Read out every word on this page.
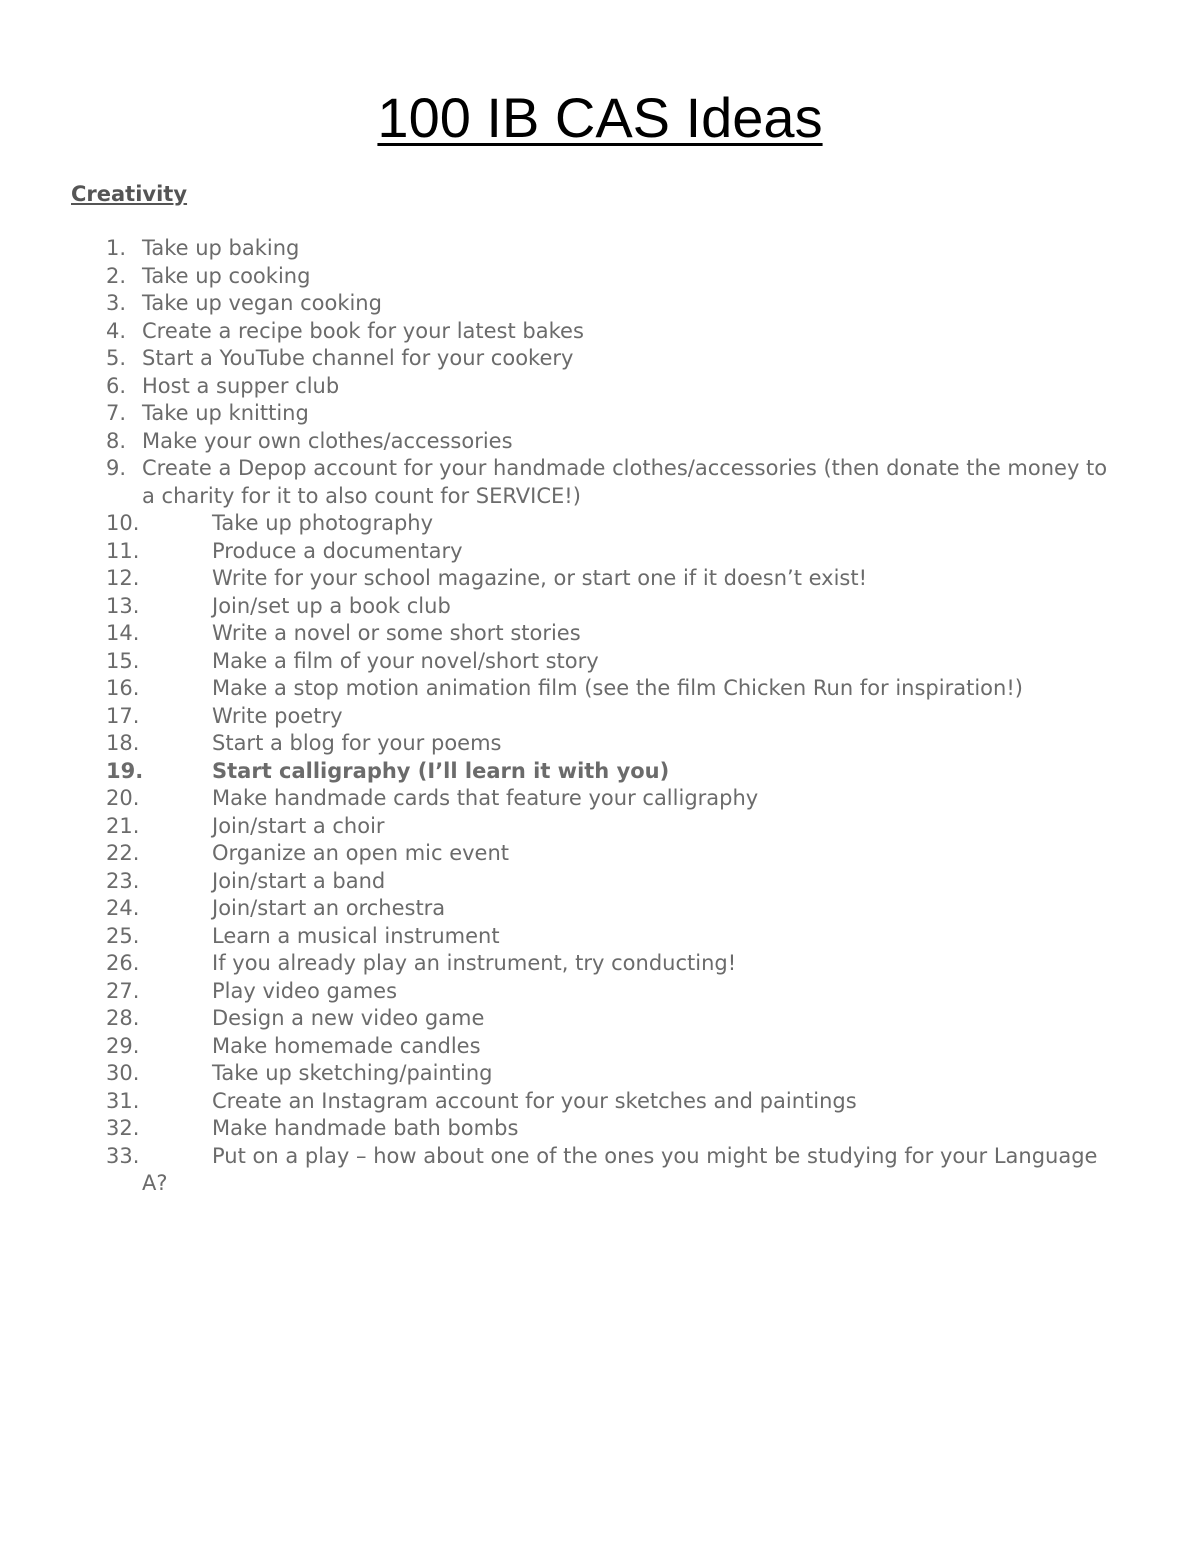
100 IB CAS Ideas
Creativity
1. Take up baking
2. Take up cooking
3. Take up vegan cooking
4. Create a recipe book for your latest bakes
5. Start a YouTube channel for your cookery
6. Host a supper club
7. Take up knitting
8. Make your own clothes/accessories
9. Create a Depop account for your handmade clothes/accessories (then donate the money to a charity for it to also count for SERVICE!)
10.	Take up photography
11.	Produce a documentary
12.	Write for your school magazine, or start one if it doesn’t exist!
13.	Join/set up a book club
14.	Write a novel or some short stories
15.	Make a film of your novel/short story
16.	Make a stop motion animation film (see the film Chicken Run for inspiration!)
17.	Write poetry
18.	Start a blog for your poems
19.	Start calligraphy (I’ll learn it with you)
20.	Make handmade cards that feature your calligraphy
21.	Join/start a choir
22.	Organize an open mic event
23.	Join/start a band
24.	Join/start an orchestra
25.	Learn a musical instrument
26.	If you already play an instrument, try conducting!
27.	Play video games
28.	Design a new video game
29.	Make homemade candles
30.	Take up sketching/painting
31.	Create an Instagram account for your sketches and paintings
32.	Make handmade bath bombs
33.	Put on a play – how about one of the ones you might be studying for your Language A?
